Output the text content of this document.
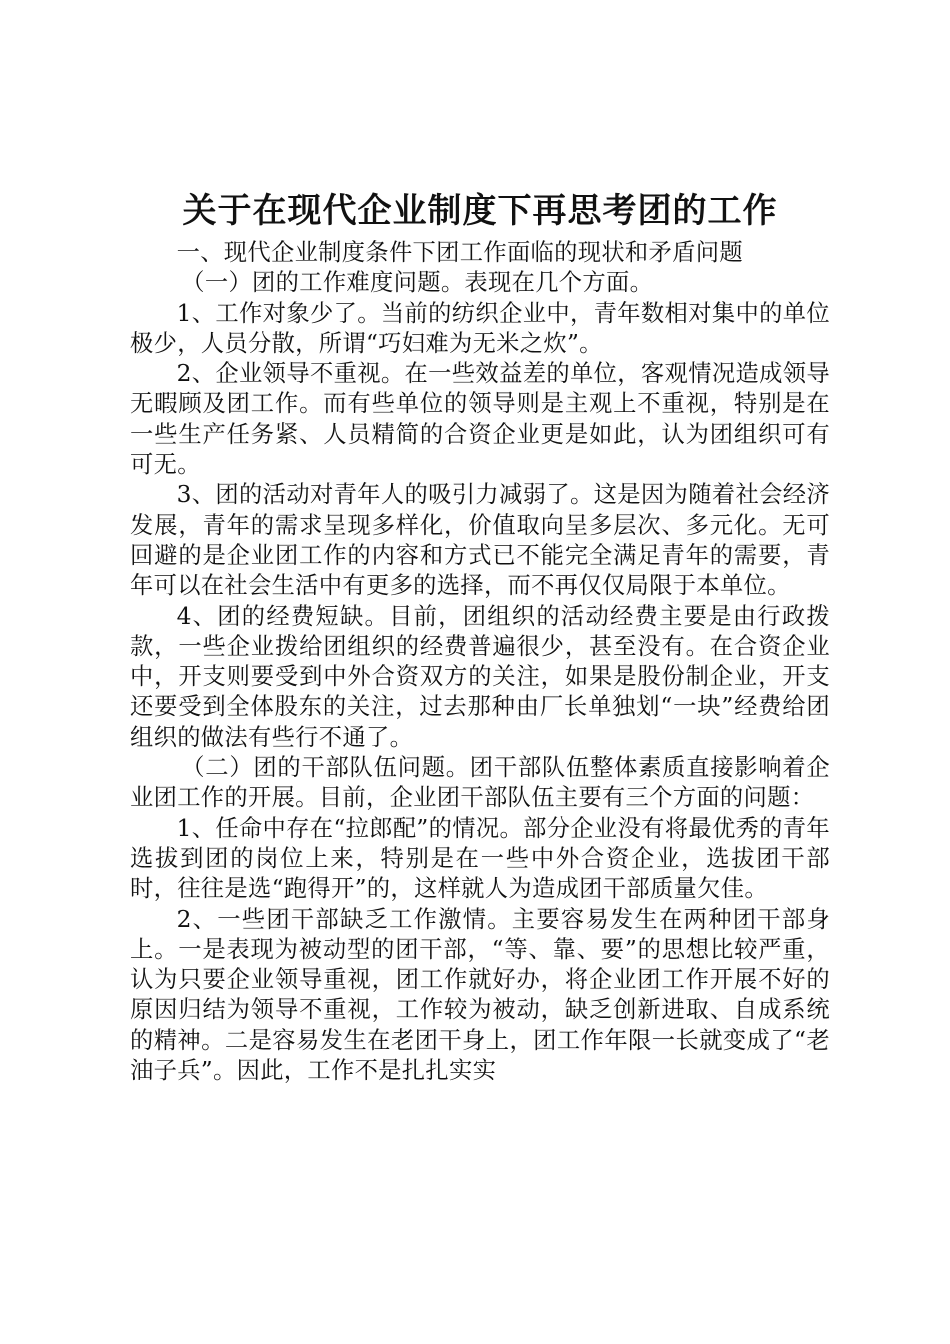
关于在现代企业制度下再思考团的工作

一、现代企业制度条件下团工作面临的现状和矛盾问题

（一）团的工作难度问题。表现在几个方面。

1、工作对象少了。当前的纺织企业中，青年数相对集中的单位极少，人员分散，所谓“巧妇难为无米之炊”。

2、企业领导不重视。在一些效益差的单位，客观情况造成领导无暇顾及团工作。而有些单位的领导则是主观上不重视，特别是在一些生产任务紧、人员精简的合资企业更是如此，认为团组织可有可无。

3、团的活动对青年人的吸引力减弱了。这是因为随着社会经济发展，青年的需求呈现多样化，价值取向呈多层次、多元化。无可回避的是企业团工作的内容和方式已不能完全满足青年的需要，青年可以在社会生活中有更多的选择，而不再仅仅局限于本单位。

4、团的经费短缺。目前，团组织的活动经费主要是由行政拨款，一些企业拨给团组织的经费普遍很少，甚至没有。在合资企业中，开支则要受到中外合资双方的关注，如果是股份制企业，开支还要受到全体股东的关注，过去那种由厂长单独划“一块”经费给团组织的做法有些行不通了。

（二）团的干部队伍问题。团干部队伍整体素质直接影响着企业团工作的开展。目前，企业团干部队伍主要有三个方面的问题：

1、任命中存在“拉郎配”的情况。部分企业没有将最优秀的青年选拔到团的岗位上来，特别是在一些中外合资企业，选拔团干部时，往往是选“跑得开”的，这样就人为造成团干部质量欠佳。

2、一些团干部缺乏工作激情。主要容易发生在两种团干部身上。一是表现为被动型的团干部，“等、靠、要”的思想比较严重，认为只要企业领导重视，团工作就好办，将企业团工作开展不好的原因归结为领导不重视，工作较为被动，缺乏创新进取、自成系统的精神。二是容易发生在老团干身上，团工作年限一长就变成了“老油子兵”。因此，工作不是扎扎实实
